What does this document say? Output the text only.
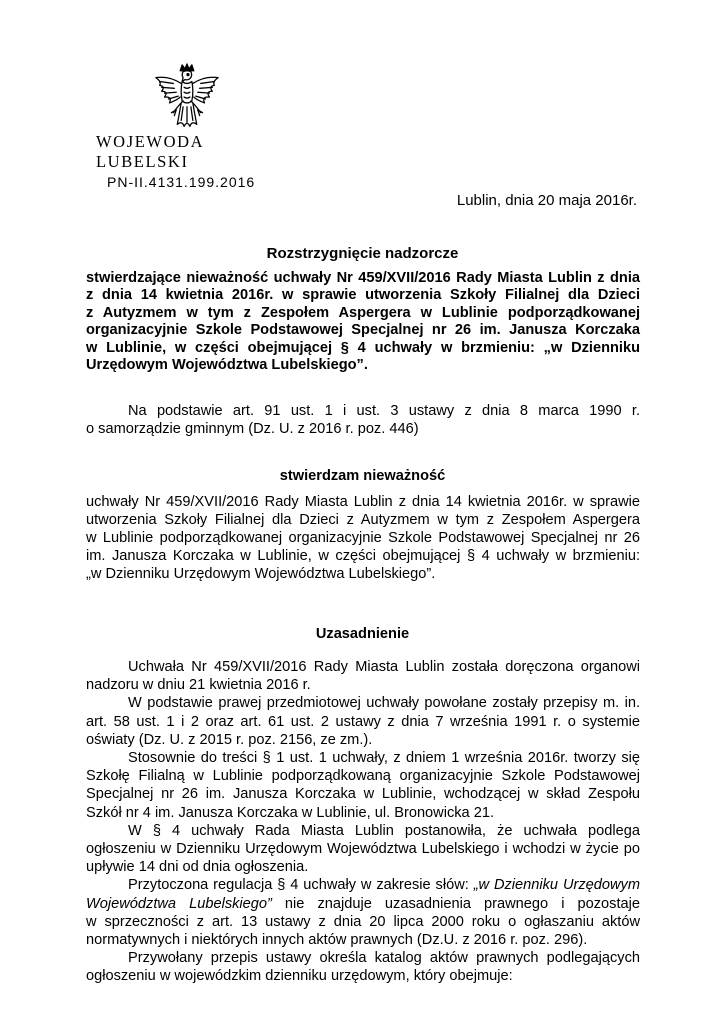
WOJEWODA LUBELSKI
PN-II.4131.199.2016
Lublin, dnia 20 maja 2016r.
Rozstrzygnięcie nadzorcze
stwierdzające nieważność uchwały Nr 459/XVII/2016 Rady Miasta Lublin z dnia
z dnia 14 kwietnia 2016r. w sprawie utworzenia Szkoły Filialnej dla Dzieci
z Autyzmem w tym z Zespołem Aspergera w Lublinie podporządkowanej
organizacyjnie Szkole Podstawowej Specjalnej nr 26 im. Janusza Korczaka
w Lublinie, w części obejmującej § 4 uchwały w brzmieniu: „w Dzienniku
Urzędowym Województwa Lubelskiego”.
Na podstawie art. 91 ust. 1 i ust. 3 ustawy z dnia 8 marca 1990 r.
o samorządzie gminnym (Dz. U. z 2016 r. poz. 446)
stwierdzam nieważność
uchwały Nr 459/XVII/2016 Rady Miasta Lublin z dnia 14 kwietnia 2016r. w sprawie
utworzenia Szkoły Filialnej dla Dzieci z Autyzmem w tym z Zespołem Aspergera
w Lublinie podporządkowanej organizacyjnie Szkole Podstawowej Specjalnej nr 26
im. Janusza Korczaka w Lublinie, w części obejmującej § 4 uchwały w brzmieniu:
„w Dzienniku Urzędowym Województwa Lubelskiego”.
Uzasadnienie
Uchwała Nr 459/XVII/2016 Rady Miasta Lublin została doręczona organowi
nadzoru w dniu 21 kwietnia 2016 r.
W podstawie prawej przedmiotowej uchwały powołane zostały przepisy m. in.
art. 58 ust. 1 i 2 oraz art. 61 ust. 2 ustawy z dnia 7 września 1991 r. o systemie
oświaty (Dz. U. z 2015 r. poz. 2156, ze zm.).
Stosownie do treści § 1 ust. 1 uchwały, z dniem 1 września 2016r. tworzy się
Szkołę Filialną w Lublinie podporządkowaną organizacyjnie Szkole Podstawowej
Specjalnej nr 26 im. Janusza Korczaka w Lublinie, wchodzącej w skład Zespołu
Szkół nr 4 im. Janusza Korczaka w Lublinie, ul. Bronowicka 21.
W § 4 uchwały Rada Miasta Lublin postanowiła, że uchwała podlega
ogłoszeniu w Dzienniku Urzędowym Województwa Lubelskiego i wchodzi w życie po
upływie 14 dni od dnia ogłoszenia.
Przytoczona regulacja § 4 uchwały w zakresie słów: „w Dzienniku Urzędowym
Województwa Lubelskiego” nie znajduje uzasadnienia prawnego i pozostaje
w sprzeczności z art. 13 ustawy z dnia 20 lipca 2000 roku o ogłaszaniu aktów
normatywnych i niektórych innych aktów prawnych (Dz.U. z 2016 r. poz. 296).
Przywołany przepis ustawy określa katalog aktów prawnych podlegających
ogłoszeniu w wojewódzkim dzienniku urzędowym, który obejmuje:
